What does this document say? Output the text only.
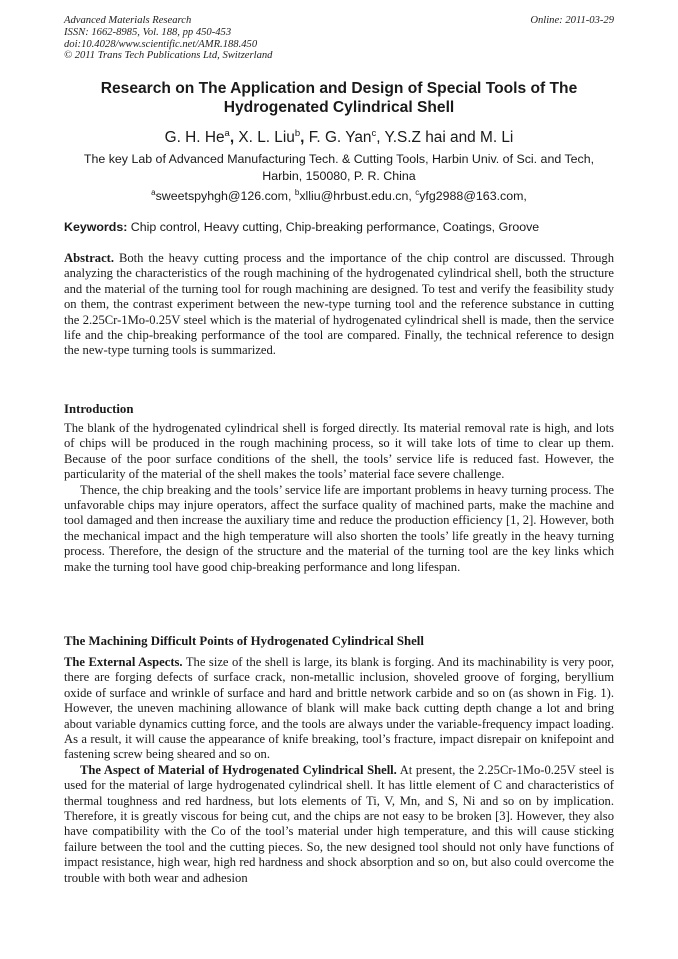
Advanced Materials Research
ISSN: 1662-8985, Vol. 188, pp 450-453
doi:10.4028/www.scientific.net/AMR.188.450
© 2011 Trans Tech Publications Ltd, Switzerland
Online: 2011-03-29
Research on The Application and Design of Special Tools of The
Hydrogenated Cylindrical Shell
G. H. He$^a$, X. L. Liu$^b$, F. G. Yan$^c$, Y.S.Z hai and M. Li
The key Lab of Advanced Manufacturing Tech. & Cutting Tools, Harbin Univ. of Sci. and Tech, Harbin, 150080, P. R. China
$^a$sweetspyhgh@126.com, $^b$xlliu@hrbust.edu.cn, $^c$yfg2988@163.com,
Keywords: Chip control, Heavy cutting, Chip-breaking performance, Coatings, Groove

Abstract. Both the heavy cutting process and the importance of the chip control are discussed. Through analyzing the characteristics of the rough machining of the hydrogenated cylindrical shell, both the structure and the material of the turning tool for rough machining are designed. To test and verify the feasibility study on them, the contrast experiment between the new-type turning tool and the reference substance in cutting the 2.25Cr-1Mo-0.25V steel which is the material of hydrogenated cylindrical shell is made, then the service life and the chip-breaking performance of the tool are compared. Finally, the technical reference to design the new-type turning tools is summarized.

Introduction

The blank of the hydrogenated cylindrical shell is forged directly. Its material removal rate is high, and lots of chips will be produced in the rough machining process, so it will take lots of time to clear up them. Because of the poor surface conditions of the shell, the tools’ service life is reduced fast. However, the particularity of the material of the shell makes the tools’ material face severe challenge.

Thence, the chip breaking and the tools’ service life are important problems in heavy turning process. The unfavorable chips may injure operators, affect the surface quality of machined parts, make the machine and tool damaged and then increase the auxiliary time and reduce the production efficiency [1, 2]. However, both the mechanical impact and the high temperature will also shorten the tools’ life greatly in the heavy turning process. Therefore, the design of the structure and the material of the turning tool are the key links which make the turning tool have good chip-breaking performance and long lifespan.

The Machining Difficult Points of Hydrogenated Cylindrical Shell

The External Aspects. The size of the shell is large, its blank is forging. And its machinability is very poor, there are forging defects of surface crack, non-metallic inclusion, shoveled groove of forging, beryllium oxide of surface and wrinkle of surface and hard and brittle network carbide and so on (as shown in Fig. 1). However, the uneven machining allowance of blank will make back cutting depth change a lot and bring about variable dynamics cutting force, and the tools are always under the variable-frequency impact loading. As a result, it will cause the appearance of knife breaking, tool’s fracture, impact disrepair on knifepoint and fastening screw being sheared and so on.

The Aspect of Material of Hydrogenated Cylindrical Shell. At present, the 2.25Cr-1Mo-0.25V steel is used for the material of large hydrogenated cylindrical shell. It has little element of C and characteristics of thermal toughness and red hardness, but lots elements of Ti, V, Mn, and S, Ni and so on by implication. Therefore, it is greatly viscous for being cut, and the chips are not easy to be broken [3]. However, they also have compatibility with the Co of the tool’s material under high temperature, and this will cause sticking failure between the tool and the cutting pieces. So, the new designed tool should not only have functions of impact resistance, high wear, high red hardness and shock absorption and so on, but also could overcome the trouble with both wear and adhesion
